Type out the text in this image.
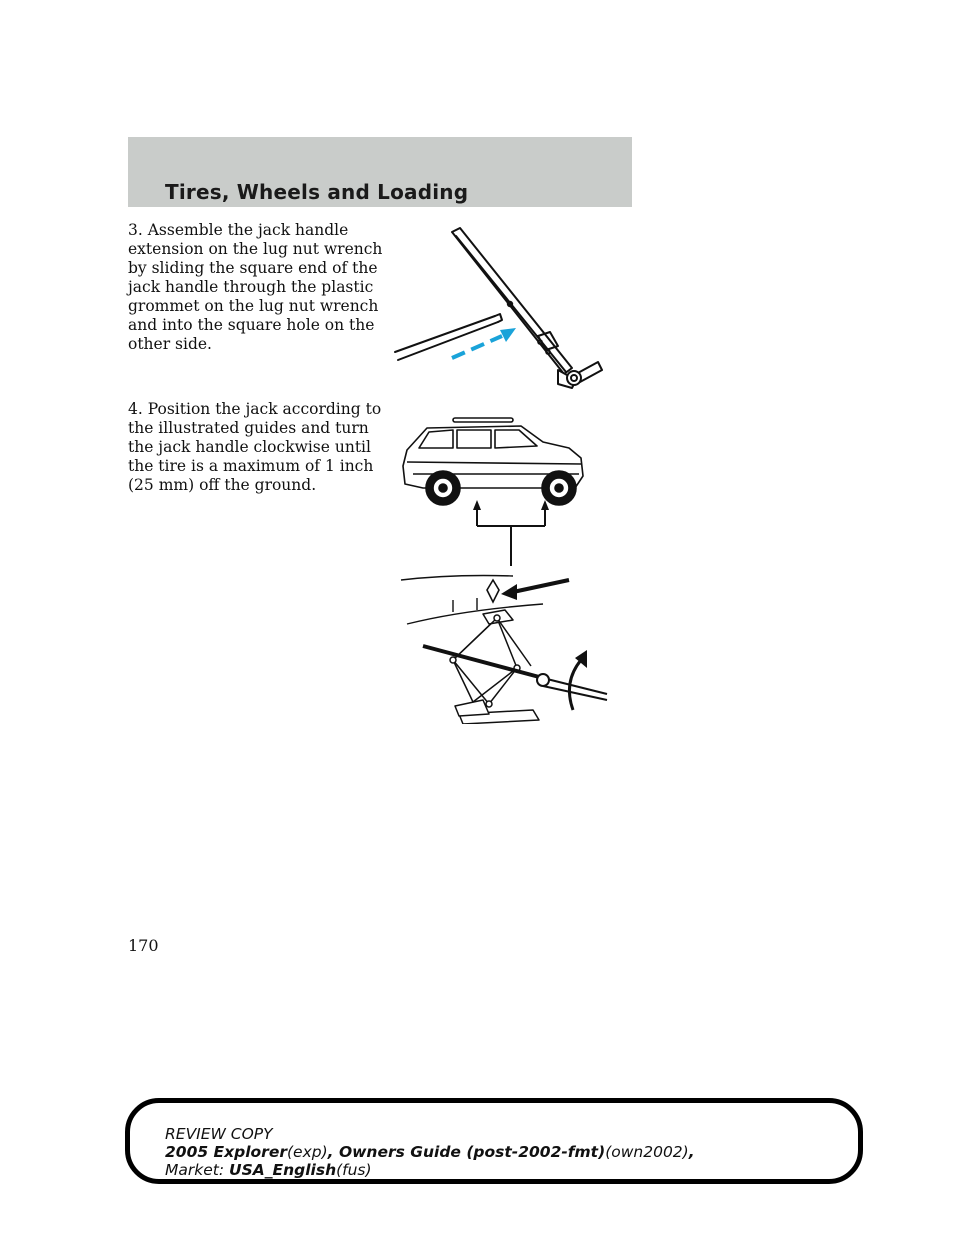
Tires, Wheels and Loading

3. Assemble the jack handle extension on the lug nut wrench by sliding the square end of the jack handle through the plastic grommet on the lug nut wrench and into the square hole on the other side.

4. Position the jack according to the illustrated guides and turn the jack handle clockwise until the tire is a maximum of 1 inch (25 mm) off the ground.

170
REVIEW COPY
2005 Explorer(exp), Owners Guide (post-2002-fmt)(own2002),
Market: USA_English(fus)
